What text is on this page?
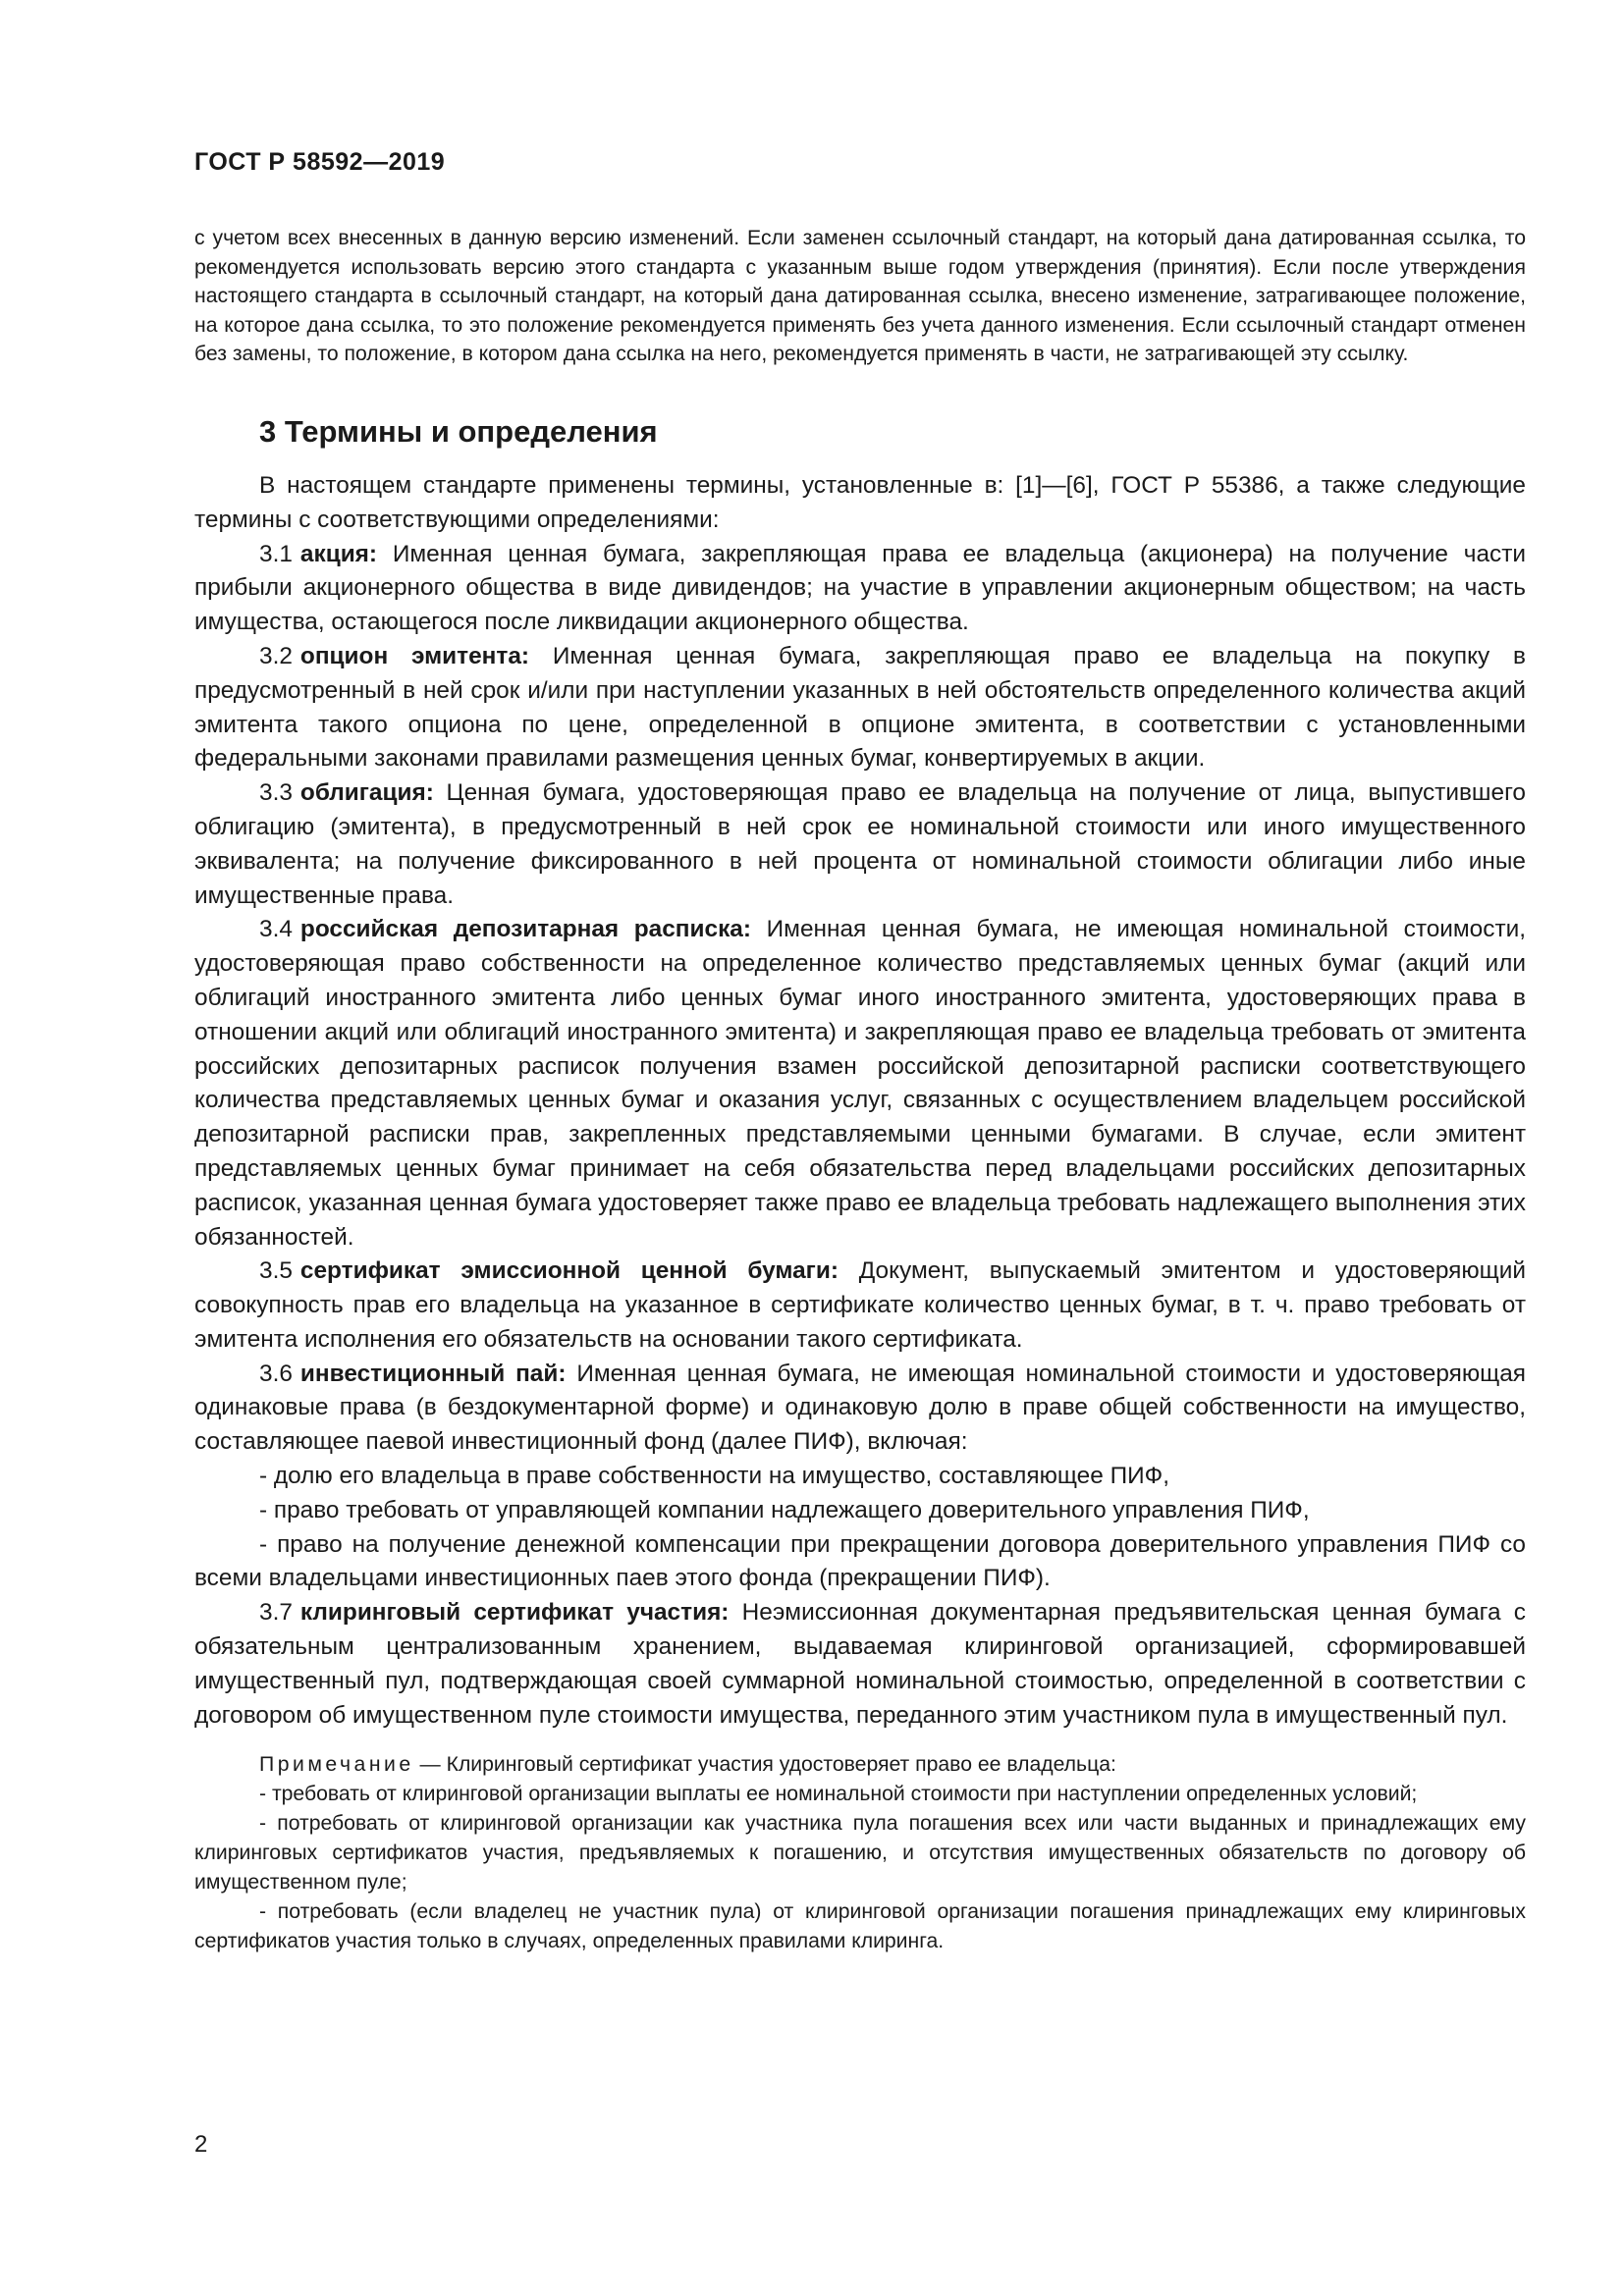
ГОСТ Р 58592—2019

с учетом всех внесенных в данную версию изменений. Если заменен ссылочный стандарт, на который дана датированная ссылка, то рекомендуется использовать версию этого стандарта с указанным выше годом утверждения (принятия). Если после утверждения настоящего стандарта в ссылочный стандарт, на который дана датированная ссылка, внесено изменение, затрагивающее положение, на которое дана ссылка, то это положение рекомендуется применять без учета данного изменения. Если ссылочный стандарт отменен без замены, то положение, в котором дана ссылка на него, рекомендуется применять в части, не затрагивающей эту ссылку.

3 Термины и определения

В настоящем стандарте применены термины, установленные в: [1]—[6], ГОСТ Р 55386, а также следующие термины с соответствующими определениями:

3.1 акция: Именная ценная бумага, закрепляющая права ее владельца (акционера) на получение части прибыли акционерного общества в виде дивидендов; на участие в управлении акционерным обществом; на часть имущества, остающегося после ликвидации акционерного общества.

3.2 опцион эмитента: Именная ценная бумага, закрепляющая право ее владельца на покупку в предусмотренный в ней срок и/или при наступлении указанных в ней обстоятельств определенного количества акций эмитента такого опциона по цене, определенной в опционе эмитента, в соответствии с установленными федеральными законами правилами размещения ценных бумаг, конвертируемых в акции.

3.3 облигация: Ценная бумага, удостоверяющая право ее владельца на получение от лица, выпустившего облигацию (эмитента), в предусмотренный в ней срок ее номинальной стоимости или иного имущественного эквивалента; на получение фиксированного в ней процента от номинальной стоимости облигации либо иные имущественные права.

3.4 российская депозитарная расписка: Именная ценная бумага, не имеющая номинальной стоимости, удостоверяющая право собственности на определенное количество представляемых ценных бумаг (акций или облигаций иностранного эмитента либо ценных бумаг иного иностранного эмитента, удостоверяющих права в отношении акций или облигаций иностранного эмитента) и закрепляющая право ее владельца требовать от эмитента российских депозитарных расписок получения взамен российской депозитарной расписки соответствующего количества представляемых ценных бумаг и оказания услуг, связанных с осуществлением владельцем российской депозитарной расписки прав, закрепленных представляемыми ценными бумагами. В случае, если эмитент представляемых ценных бумаг принимает на себя обязательства перед владельцами российских депозитарных расписок, указанная ценная бумага удостоверяет также право ее владельца требовать надлежащего выполнения этих обязанностей.

3.5 сертификат эмиссионной ценной бумаги: Документ, выпускаемый эмитентом и удостоверяющий совокупность прав его владельца на указанное в сертификате количество ценных бумаг, в т. ч. право требовать от эмитента исполнения его обязательств на основании такого сертификата.

3.6 инвестиционный пай: Именная ценная бумага, не имеющая номинальной стоимости и удостоверяющая одинаковые права (в бездокументарной форме) и одинаковую долю в праве общей собственности на имущество, составляющее паевой инвестиционный фонд (далее ПИФ), включая:

- долю его владельца в праве собственности на имущество, составляющее ПИФ,

- право требовать от управляющей компании надлежащего доверительного управления ПИФ,

- право на получение денежной компенсации при прекращении договора доверительного управления ПИФ со всеми владельцами инвестиционных паев этого фонда (прекращении ПИФ).

3.7 клиринговый сертификат участия: Неэмиссионная документарная предъявительская ценная бумага с обязательным централизованным хранением, выдаваемая клиринговой организацией, сформировавшей имущественный пул, подтверждающая своей суммарной номинальной стоимостью, определенной в соответствии с договором об имущественном пуле стоимости имущества, переданного этим участником пула в имущественный пул.

Примечание — Клиринговый сертификат участия удостоверяет право ее владельца:

- требовать от клиринговой организации выплаты ее номинальной стоимости при наступлении определенных условий;

- потребовать от клиринговой организации как участника пула погашения всех или части выданных и принадлежащих ему клиринговых сертификатов участия, предъявляемых к погашению, и отсутствия имущественных обязательств по договору об имущественном пуле;

- потребовать (если владелец не участник пула) от клиринговой организации погашения принадлежащих ему клиринговых сертификатов участия только в случаях, определенных правилами клиринга.

2
